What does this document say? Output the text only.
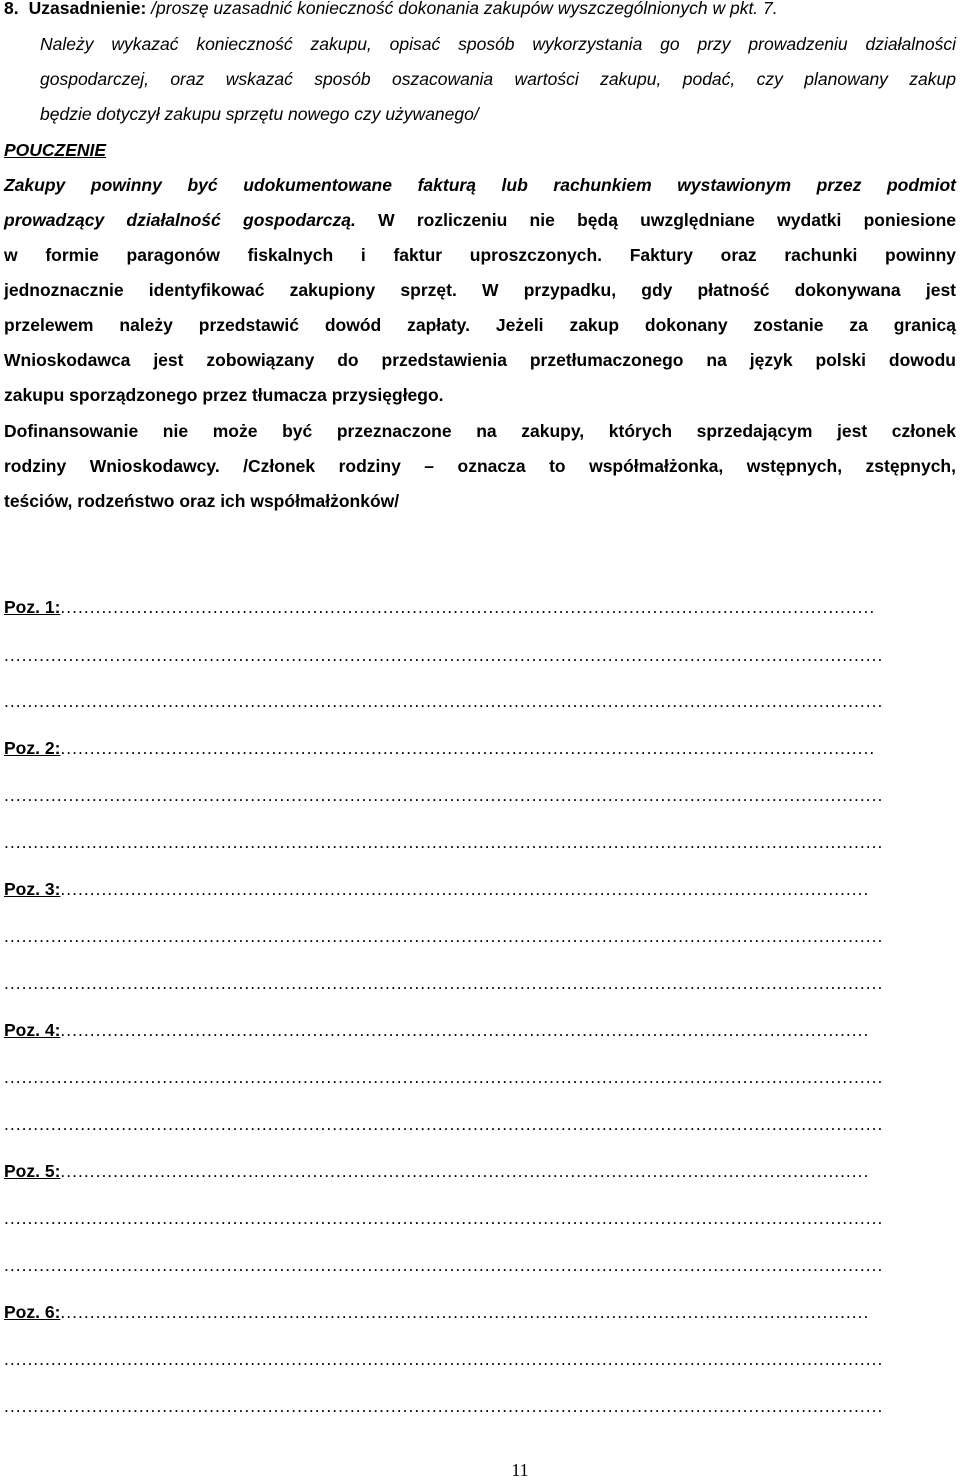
8. Uzasadnienie: /proszę uzasadnić konieczność dokonania zakupów wyszczególnionych w pkt. 7.
Należy wykazać konieczność zakupu, opisać sposób wykorzystania go przy prowadzeniu działalności
gospodarczej, oraz wskazać sposób oszacowania wartości zakupu, podać, czy planowany zakup
będzie dotyczył zakupu sprzętu nowego czy używanego/
POUCZENIE
Zakupy powinny być udokumentowane fakturą lub rachunkiem wystawionym przez podmiot
prowadzący działalność gospodarczą. W rozliczeniu nie będą uwzględniane wydatki poniesione
w formie paragonów fiskalnych i faktur uproszczonych. Faktury oraz rachunki powinny
jednoznacznie identyfikować zakupiony sprzęt. W przypadku, gdy płatność dokonywana jest
przelewem należy przedstawić dowód zapłaty. Jeżeli zakup dokonany zostanie za granicą
Wnioskodawca jest zobowiązany do przedstawienia przetłumaczonego na język polski dowodu
zakupu sporządzonego przez tłumacza przysięgłego.
Dofinansowanie nie może być przeznaczone na zakupy, których sprzedającym jest członek
rodziny Wnioskodawcy. /Członek rodziny – oznacza to współmałżonka, wstępnych, zstępnych,
teściów, rodzeństwo oraz ich współmałżonków/
Poz. 1:...........................................................................................................................................
......................................................................................................................................................
......................................................................................................................................................
Poz. 2:...........................................................................................................................................
......................................................................................................................................................
......................................................................................................................................................
Poz. 3:..........................................................................................................................................
......................................................................................................................................................
......................................................................................................................................................
Poz. 4:..........................................................................................................................................
......................................................................................................................................................
......................................................................................................................................................
Poz. 5:..........................................................................................................................................
......................................................................................................................................................
......................................................................................................................................................
Poz. 6:..........................................................................................................................................
......................................................................................................................................................
......................................................................................................................................................
11
